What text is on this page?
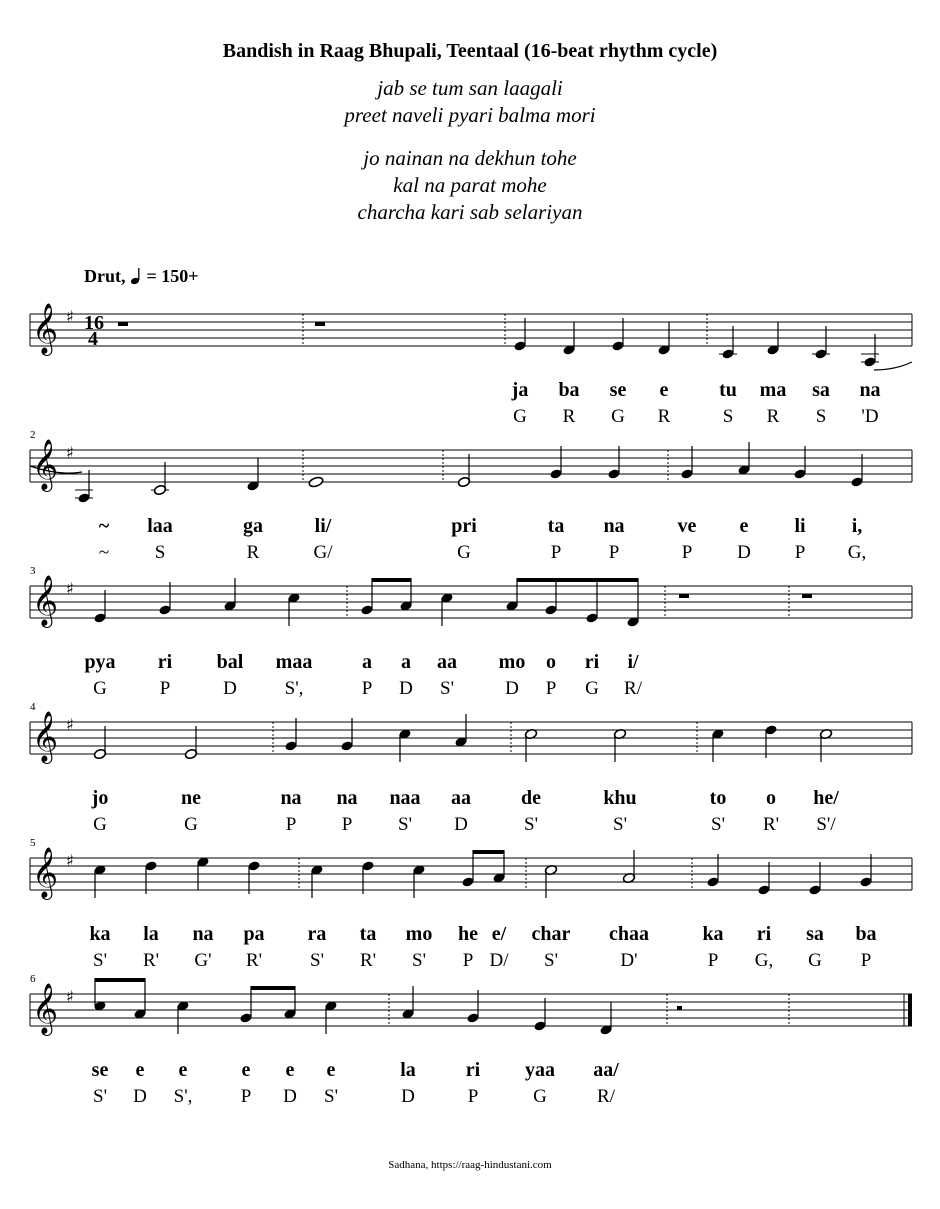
Bandish in Raag Bhupali, Teentaal (16-beat rhythm cycle)
jab se tum san laagali
preet naveli pyari balma mori
jo nainan na dekhun tohe
kal na parat mohe
charcha kari sab selariyan
Drut, = 150+
𝄞 ♯ 16
4
ja ba se e	tu ma sa na
G R G R	S R S 'D
𝄞 ♯
2
~ laa	ga	li/	pri	ta na	ve e li i,
~ S	R	G/	G	P P	P D P G,
𝄞 ♯
3
pya ri bal maa a a aa mo o ri i/
G	P	D	S',	P D S'	D P G R/
𝄞 ♯
4
jo	ne	na na naa aa	de	khu	to o he/
G	G	P P S' D	S'	S'	S' R' S'/
𝄞 ♯
5
ka la na pa ra ta mo he e/ char chaa	ka ri sa ba
S' R' G' R'	S' R' S' P D/ S'	D'	P G, G P
𝄞 ♯
6
se e e	e e e	la	ri yaa aa/
S' D S',	P D S'	D	P	G	R/
Sadhana, https://raag-hindustani.com
